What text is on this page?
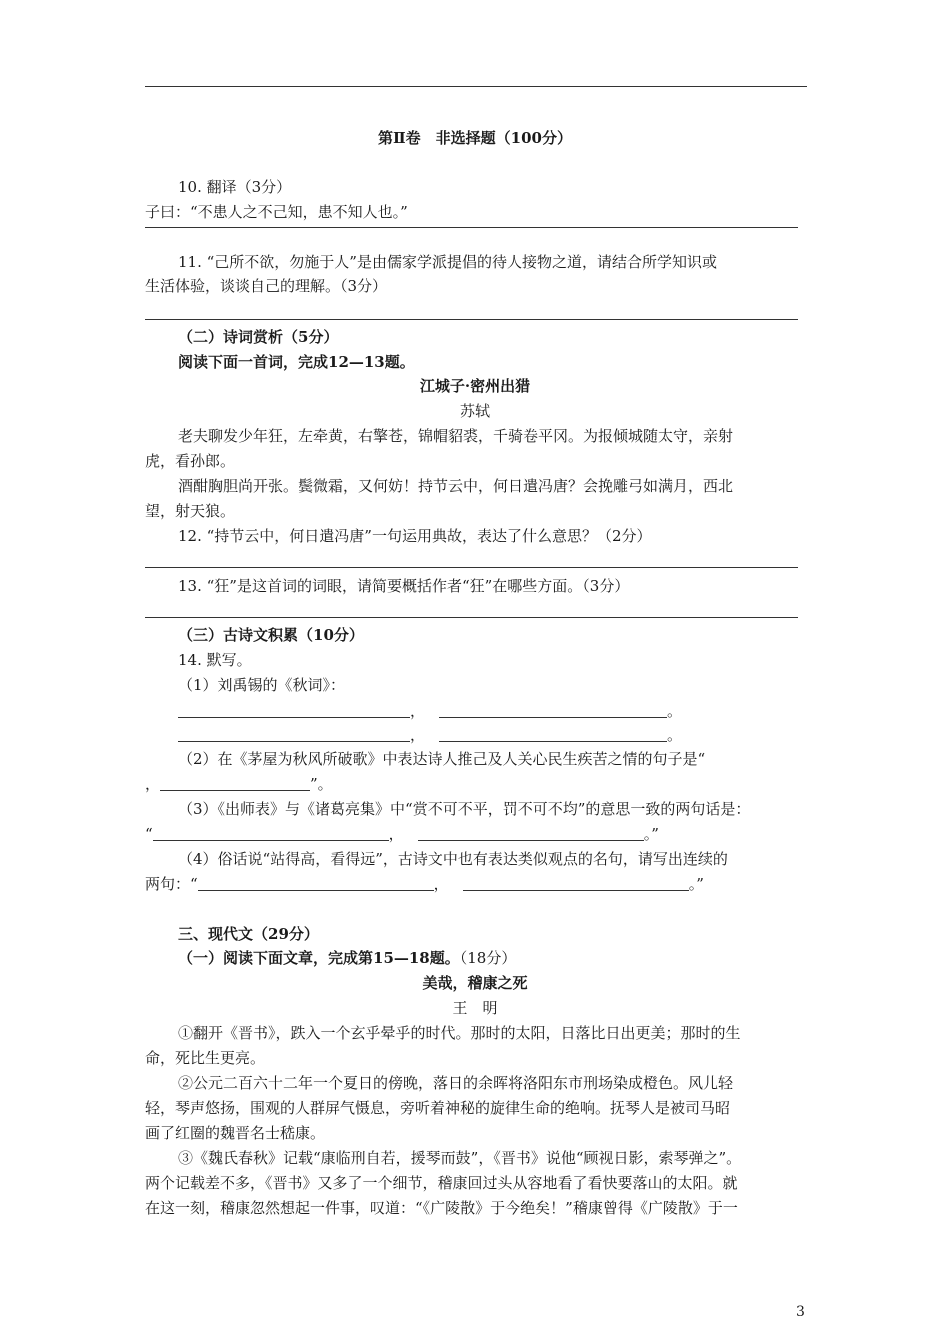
第Ⅱ卷　非选择题（100分）
10. 翻译（3分）
子曰：“不患人之不己知，患不知人也。”
11. “己所不欲，勿施于人”是由儒家学派提倡的待人接物之道，请结合所学知识或
生活体验，谈谈自己的理解。（3分）
（二）诗词赏析（5分）
阅读下面一首词，完成12—13题。
江城子·密州出猎
苏轼
老夫聊发少年狂，左牵黄，右擎苍，锦帽貂裘，千骑卷平冈。为报倾城随太守，亲射
虎，看孙郎。
酒酣胸胆尚开张。鬓微霜，又何妨！持节云中，何日遣冯唐？会挽雕弓如满月，西北
望，射天狼。
12. “持节云中，何日遣冯唐”一句运用典故，表达了什么意思？（2分）
13. “狂”是这首词的词眼，请简要概括作者“狂”在哪些方面。（3分）
（三）古诗文积累（10分）
14. 默写。
（1）刘禹锡的《秋词》：
，	。
，	。
（2）在《茅屋为秋风所破歌》中表达诗人推己及人关心民生疾苦之情的句子是“
，	”。
（3）《出师表》与《诸葛亮集》中“赏不可不平，罚不可不均”的意思一致的两句话是：
“	，	。”
（4）俗话说“站得高，看得远”，古诗文中也有表达类似观点的名句，请写出连续的
两句：“	，	。”
三、现代文（29分）
（一）阅读下面文章，完成第15—18题。（18分）
美哉，稽康之死
王　明
①翻开《晋书》，跌入一个玄乎晕乎的时代。那时的太阳，日落比日出更美；那时的生
命，死比生更亮。
②公元二百六十二年一个夏日的傍晚，落日的余晖将洛阳东市刑场染成橙色。风儿轻
轻，琴声悠扬，围观的人群屏气慑息，旁听着神秘的旋律生命的绝响。抚琴人是被司马昭
画了红圈的魏晋名士嵇康。
③《魏氏春秋》记载“康临刑自若，援琴而鼓”，《晋书》说他“顾视日影，索琴弹之”。
两个记载差不多，《晋书》又多了一个细节，稽康回过头从容地看了看快要落山的太阳。就
在这一刻，稽康忽然想起一件事，叹道：“《广陵散》于今绝矣！”稽康曾得《广陵散》于一
3
